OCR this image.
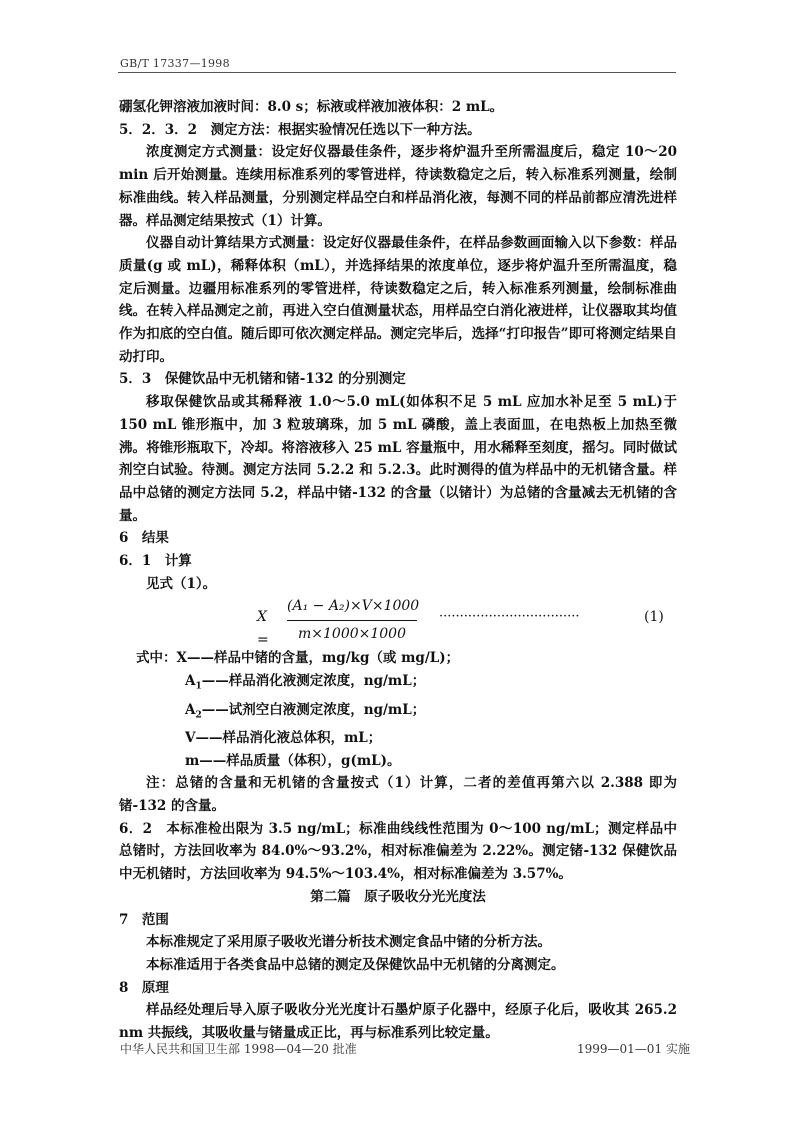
GB/T 17337—1998

硼氢化钾溶液加液时间：8.0 s；标液或样液加液体积：2 mL。

5．2．3．2　测定方法：根据实验情况任选以下一种方法。

浓度测定方式测量：设定好仪器最佳条件，逐步将炉温升至所需温度后，稳定 10～20 min 后开始测量。连续用标准系列的零管进样，待读数稳定之后，转入标准系列测量，绘制标准曲线。转入样品测量，分别测定样品空白和样品消化液，每测不同的样品前都应清洗进样器。样品测定结果按式（1）计算。

仪器自动计算结果方式测量：设定好仪器最佳条件，在样品参数画面输入以下参数：样品质量(g 或 mL)，稀释体积（mL），并选择结果的浓度单位，逐步将炉温升至所需温度，稳定后测量。边疆用标准系列的零管进样，待读数稳定之后，转入标准系列测量，绘制标准曲线。在转入样品测定之前，再进入空白值测量状态，用样品空白消化液进样，让仪器取其均值作为扣底的空白值。随后即可依次测定样品。测定完毕后，选择“打印报告”即可将测定结果自动打印。

5．3　保健饮品中无机锗和锗-132 的分别测定

移取保健饮品或其稀释液 1.0～5.0 mL(如体积不足 5 mL 应加水补足至 5 mL)于 150 mL 锥形瓶中，加 3 粒玻璃珠，加 5 mL 磷酸，盖上表面皿，在电热板上加热至微沸。将锥形瓶取下，冷却。将溶液移入 25 mL 容量瓶中，用水稀释至刻度，摇匀。同时做试剂空白试验。待测。测定方法同 5.2.2 和 5.2.3。此时测得的值为样品中的无机锗含量。样品中总锗的测定方法同 5.2，样品中锗-132 的含量（以锗计）为总锗的含量减去无机锗的含量。

6　结果

6．1　计算

见式（1）。

X =
(A₁ − A₂)×V×1000
m×1000×1000
··································	(1)

式中：X——样品中锗的含量，mg/kg（或 mg/L)；

$A_1——$样品消化液测定浓度，ng/mL；

$A_2——$试剂空白液测定浓度，ng/mL；

V——样品消化液总体积，mL；

m——样品质量（体积），g(mL)。

注：总锗的含量和无机锗的含量按式（1）计算，二者的差值再第六以 2.388 即为锗-132 的含量。

6．2　本标准检出限为 3.5 ng/mL；标准曲线线性范围为 0～100 ng/mL；测定样品中总锗时，方法回收率为 84.0%～93.2%，相对标准偏差为 2.22%。测定锗-132 保健饮品中无机锗时，方法回收率为 94.5%～103.4%，相对标准偏差为 3.57%。

第二篇　原子吸收分光光度法

7　范围

本标准规定了采用原子吸收光谱分析技术测定食品中锗的分析方法。

本标准适用于各类食品中总锗的测定及保健饮品中无机锗的分离测定。

8　原理

样品经处理后导入原子吸收分光光度计石墨炉原子化器中，经原子化后，吸收其 265.2 nm 共振线，其吸收量与锗量成正比，再与标准系列比较定量。

中华人民共和国卫生部 1998—04—20 批准	1999—01—01 实施
